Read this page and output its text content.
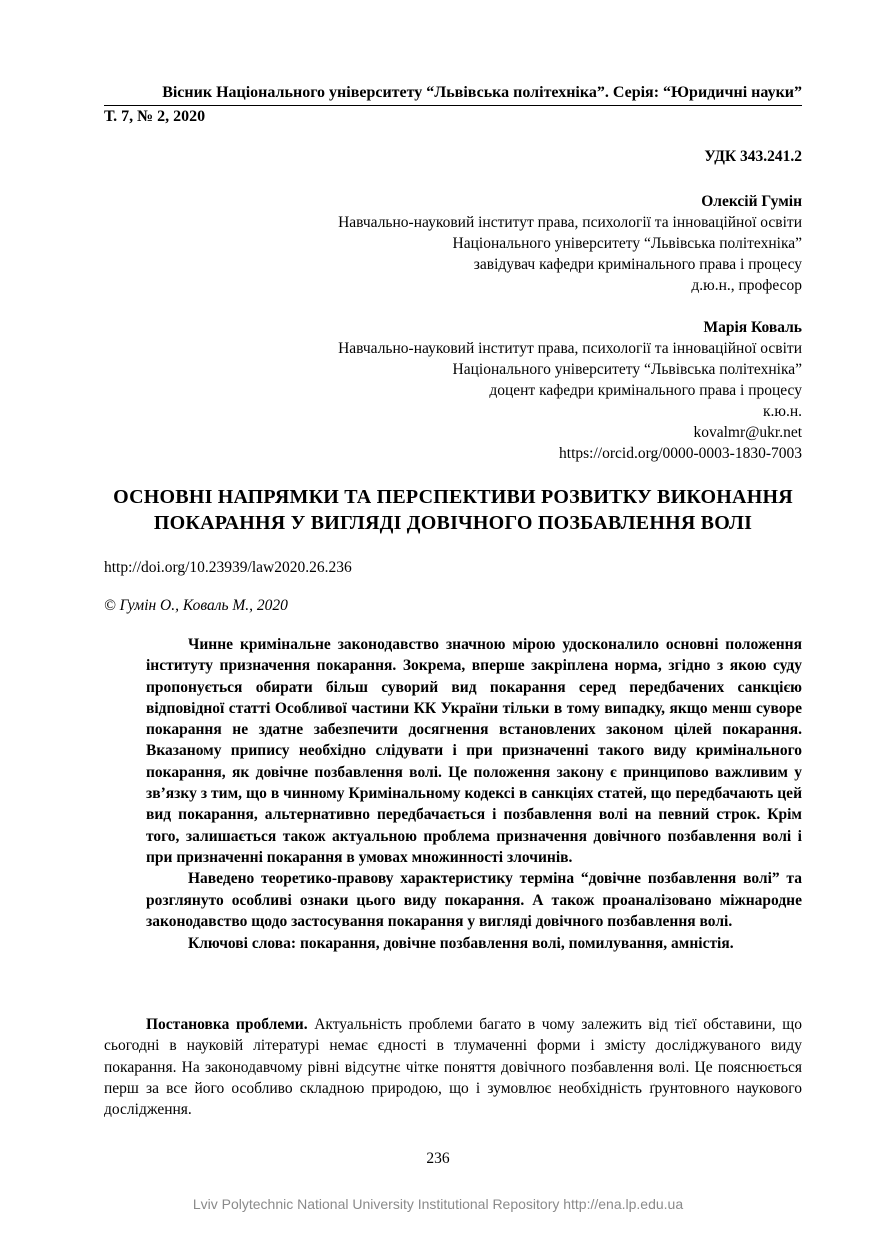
Вісник Національного університету “Львівська політехніка”. Серія: “Юридичні науки”
Т. 7, № 2, 2020
УДК 343.241.2
Олексій Гумін
Навчально-науковий інститут права, психології та інноваційної освіти
Національного університету “Львівська політехніка”
завідувач кафедри кримінального права і процесу
д.ю.н., професор
Марія Коваль
Навчально-науковий інститут права, психології та інноваційної освіти
Національного університету “Львівська політехніка”
доцент кафедри кримінального права і процесу
к.ю.н.
kovalmr@ukr.net
https://orcid.org/0000-0003-1830-7003
ОСНОВНІ НАПРЯМКИ ТА ПЕРСПЕКТИВИ РОЗВИТКУ ВИКОНАННЯ
ПОКАРАННЯ У ВИГЛЯДІ ДОВІЧНОГО ПОЗБАВЛЕННЯ ВОЛІ
http://doi.org/10.23939/law2020.26.236
© Гумін О., Коваль М., 2020

Чинне кримінальне законодавство значною мірою удосконалило основні положення інституту призначення покарання. Зокрема, вперше закріплена норма, згідно з якою суду пропонується обирати більш суворий вид покарання серед передбачених санкцією відповідної статті Особливої частини КК України тільки в тому випадку, якщо менш суворе покарання не здатне забезпечити досягнення встановлених законом цілей покарання. Вказаному припису необхідно слідувати і при призначенні такого виду кримінального покарання, як довічне позбавлення волі. Це положення закону є принципово важливим у зв’язку з тим, що в чинному Кримінальному кодексі в санкціях статей, що передбачають цей вид покарання, альтернативно передбачається і позбавлення волі на певний строк. Крім того, залишається також актуальною проблема призначення довічного позбавлення волі і при призначенні покарання в умовах множинності злочинів.

Наведено теоретико-правову характеристику терміна “довічне позбавлення волі” та розглянуто особливі ознаки цього виду покарання. А також проаналізовано міжнародне законодавство щодо застосування покарання у вигляді довічного позбавлення волі.

Ключові слова: покарання, довічне позбавлення волі, помилування, амністія.

Постановка проблеми. Актуальність проблеми багато в чому залежить від тієї обставини, що сьогодні в науковій літературі немає єдності в тлумаченні форми і змісту досліджуваного виду покарання. На законодавчому рівні відсутнє чітке поняття довічного позбавлення волі. Це пояснюється перш за все його особливо складною природою, що і зумовлює необхідність ґрунтовного наукового дослідження.

236
Lviv Polytechnic National University Institutional Repository http://ena.lp.edu.ua
